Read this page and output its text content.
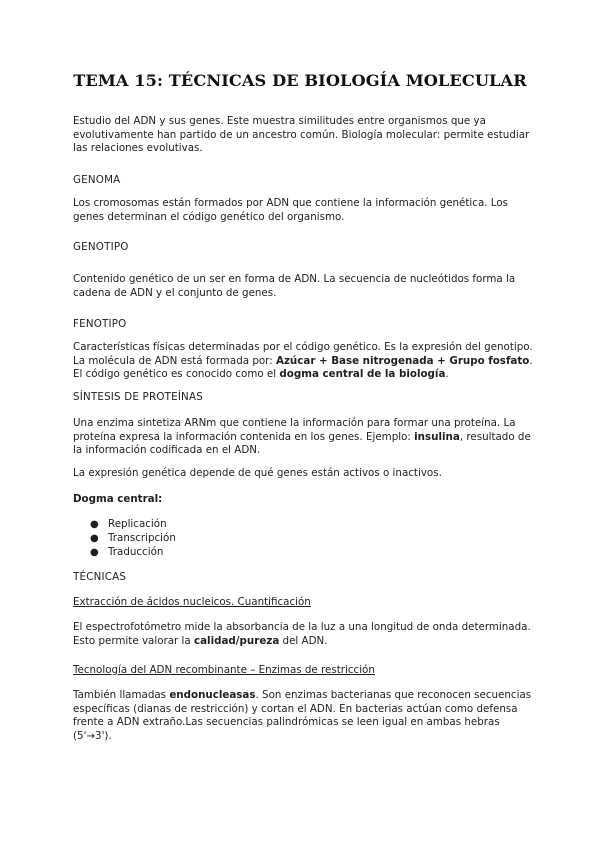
TEMA 15: TÉCNICAS DE BIOLOGÍA MOLECULAR
Estudio del ADN y sus genes. Este muestra similitudes entre organismos que ya evolutivamente han partido de un ancestro común. Biología molecular: permite estudiar las relaciones evolutivas.
GENOMA
Los cromosomas están formados por ADN que contiene la información genética. Los genes determinan el código genético del organismo.
GENOTIPO
Contenido genético de un ser en forma de ADN. La secuencia de nucleótidos forma la cadena de ADN y el conjunto de genes.
FENOTIPO
Características físicas determinadas por el código genético. Es la expresión del genotipo. La molécula de ADN está formada por: Azúcar + Base nitrogenada + Grupo fosfato. El código genético es conocido como el dogma central de la biología.
SÍNTESIS DE PROTEÍNAS
Una enzima sintetiza ARNm que contiene la información para formar una proteína. La proteína expresa la información contenida en los genes. Ejemplo: insulina, resultado de la información codificada en el ADN.
La expresión genética depende de qué genes están activos o inactivos.
Dogma central:
● Replicación
● Transcripción
● Traducción
TÉCNICAS
Extracción de ácidos nucleicos. Cuantificación
El espectrofotómetro mide la absorbancia de la luz a una longitud de onda determinada. Esto permite valorar la calidad/pureza del ADN.
Tecnología del ADN recombinante – Enzimas de restricción
También llamadas endonucleasas. Son enzimas bacterianas que reconocen secuencias específicas (dianas de restricción) y cortan el ADN. En bacterias actúan como defensa frente a ADN extraño.Las secuencias palindrómicas se leen igual en ambas hebras (5'→3').
